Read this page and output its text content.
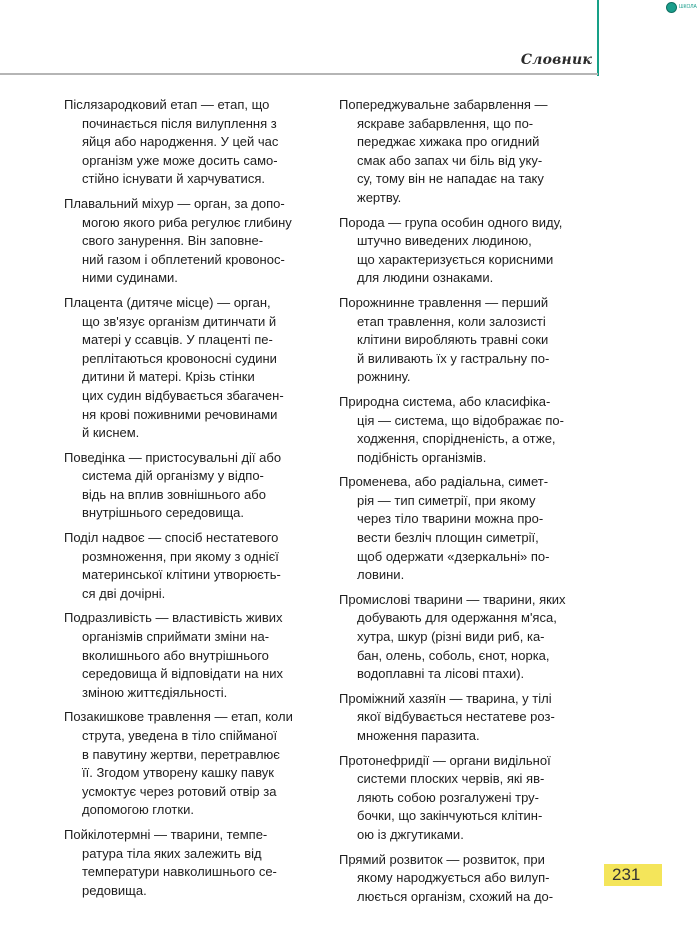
ШКОЛА
Словник
Післязародковий етап — етап, що
починається після вилуплення з
яйця або народження. У цей час
організм уже може досить само-
стійно існувати й харчуватися.
Плавальний міхур — орган, за допо-
могою якого риба регулює глибину
свого занурення. Він заповне-
ний газом і обплетений кровонос-
ними судинами.
Плацента (дитяче місце) — орган,
що зв'язує організм дитинчати й
матері у ссавців. У плаценті пе-
реплітаються кровоносні судини
дитини й матері. Крізь стінки
цих судин відбувається збагачен-
ня крові поживними речовинами
й киснем.
Поведінка — пристосувальні дії або
система дій організму у відпо-
відь на вплив зовнішнього або
внутрішнього середовища.
Поділ надвоє — спосіб нестатевого
розмноження, при якому з однієї
материнської клітини утворюєть-
ся дві дочірні.
Подразливість — властивість живих
організмів сприймати зміни на-
вколишнього або внутрішнього
середовища й відповідати на них
зміною життєдіяльності.
Позакишкове травлення — етап, коли
струта, уведена в тіло спійманої
в павутину жертви, перетравлює
її. Згодом утворену кашку павук
усмоктує через ротовий отвір за
допомогою глотки.
Пойкілотермні — тварини, темпе-
ратура тіла яких залежить від
температури навколишнього се-
редовища.
Попереджувальне забарвлення —
яскраве забарвлення, що по-
переджає хижака про огидний
смак або запах чи біль від уку-
су, тому він не нападає на таку
жертву.
Порода — група особин одного виду,
штучно виведених людиною,
що характеризується корисними
для людини ознаками.
Порожнинне травлення — перший
етап травлення, коли залозисті
клітини виробляють травні соки
й виливають їх у гастральну по-
рожнину.
Природна система, або класифіка-
ція — система, що відображає по-
ходження, спорідненість, а отже,
подібність організмів.
Променева, або радіальна, симет-
рія — тип симетрії, при якому
через тіло тварини можна про-
вести безліч площин симетрії,
щоб одержати «дзеркальні» по-
ловини.
Промислові тварини — тварини, яких
добувають для одержання м'яса,
хутра, шкур (різні види риб, ка-
бан, олень, соболь, єнот, норка,
водоплавні та лісові птахи).
Проміжний хазяїн — тварина, у тілі
якої відбувається нестатеве роз-
множення паразита.
Протонефридії — органи видільної
системи плоских червів, які яв-
ляють собою розгалужені тру-
бочки, що закінчуються клітин-
ою із джгутиками.
Прямий розвиток — розвиток, при
якому народжується або вилуп-
люється організм, схожий на до-
231
